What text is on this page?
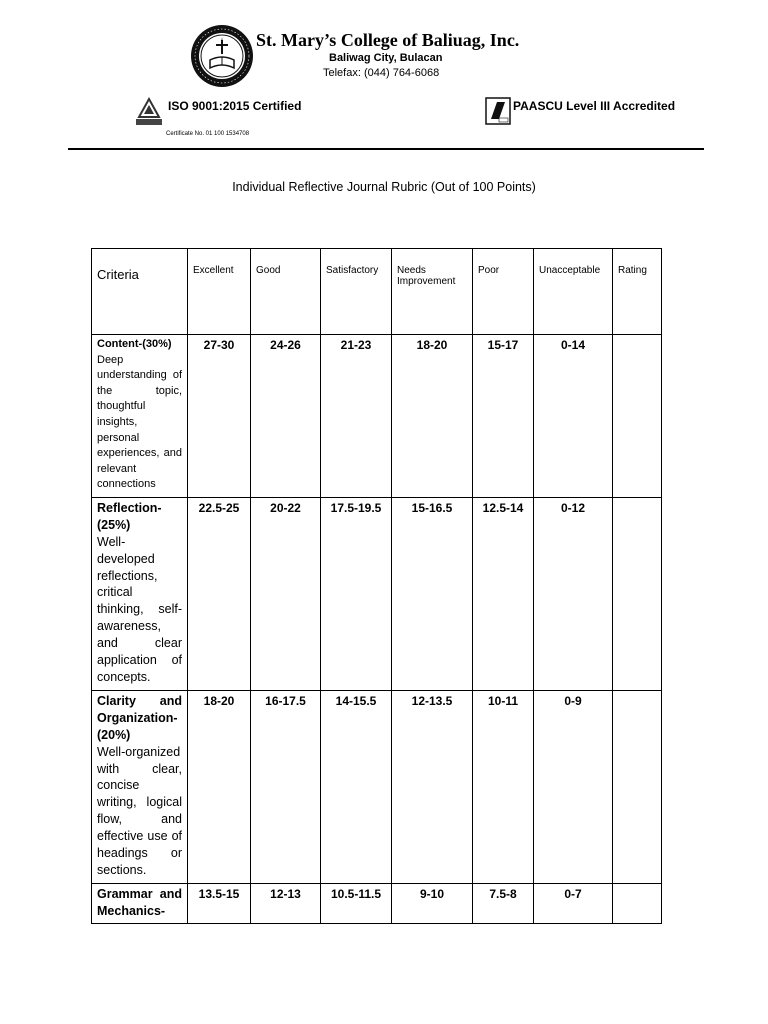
St. Mary’s College of Baliuag, Inc.
Baliwag City, Bulacan
Telefax: (044) 764-6068
ISO 9001:2015 Certified
Certificate No. 01 100 1534708
PAASCU Level III Accredited
Individual Reflective Journal Rubric (Out of 100 Points)
Criteria	Excellent	Good	Satisfactory	Needs Improvement	Poor	Unacceptable	Rating
Content-(30%)
Deep understanding of the topic, thoughtful insights, personal experiences, and relevant connections	27-30	24-26	21-23	18-20	15-17	0-14	
Reflection-(25%)
Well-developed reflections, critical thinking, self-awareness, and clear application of concepts.	22.5-25	20-22	17.5-19.5	15-16.5	12.5-14	0-12	
Clarity and Organization-(20%)
Well-organized with clear, concise writing, logical flow, and effective use of headings or sections.	18-20	16-17.5	14-15.5	12-13.5	10-11	0-9	
Grammar and Mechanics-	13.5-15	12-13	10.5-11.5	9-10	7.5-8	0-7	
